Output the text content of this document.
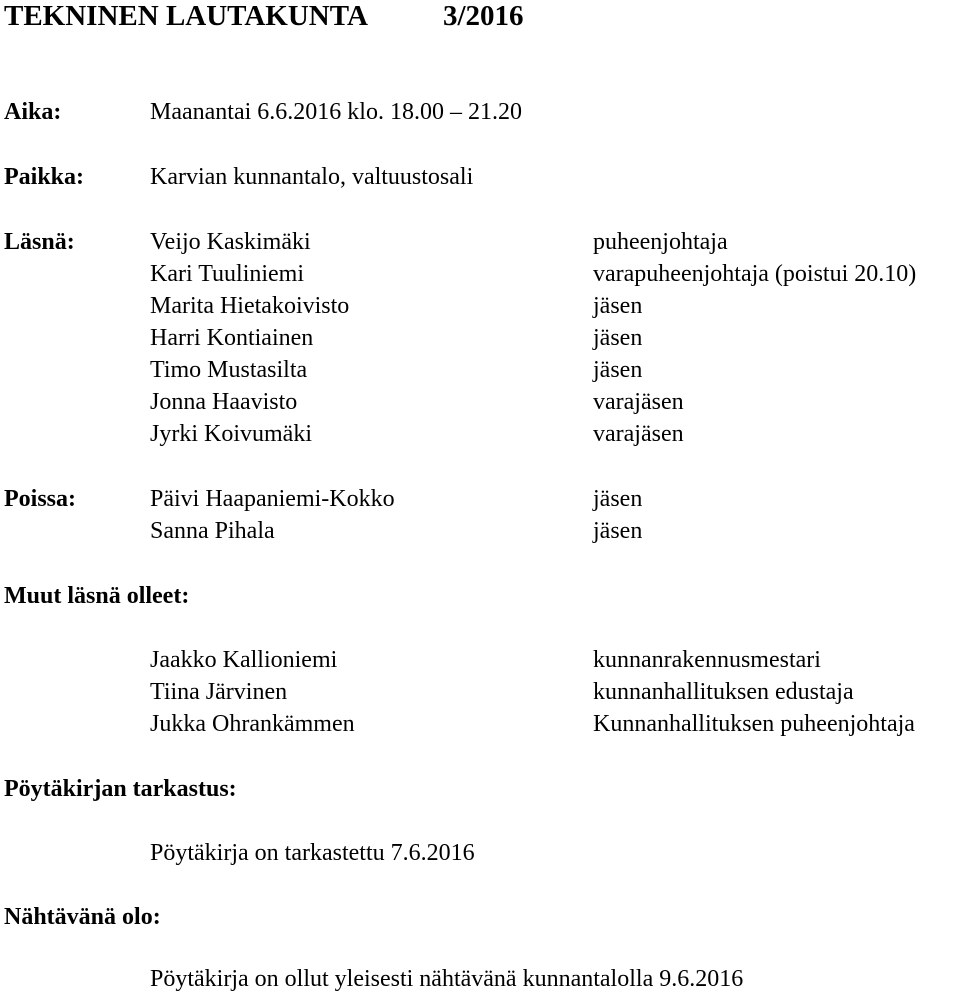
TEKNINEN LAUTAKUNTA	3/2016
Aika:	Maanantai 6.6.2016 klo. 18.00 – 21.20
Paikka:	Karvian kunnantalo, valtuustosali
Läsnä:	Veijo Kaskimäki	puheenjohtaja
Kari Tuuliniemi	varapuheenjohtaja (poistui 20.10)
Marita Hietakoivisto	jäsen
Harri Kontiainen	jäsen
Timo Mustasilta	jäsen
Jonna Haavisto	varajäsen
Jyrki Koivumäki	varajäsen
Poissa:	Päivi Haapaniemi-Kokko	jäsen
Sanna Pihala	jäsen
Muut läsnä olleet:
Jaakko Kallioniemi	kunnanrakennusmestari
Tiina Järvinen	kunnanhallituksen edustaja
Jukka Ohrankämmen	Kunnanhallituksen puheenjohtaja
Pöytäkirjan tarkastus:
Pöytäkirja on tarkastettu 7.6.2016
Nähtävänä olo:
Pöytäkirja on ollut yleisesti nähtävänä kunnantalolla 9.6.2016
